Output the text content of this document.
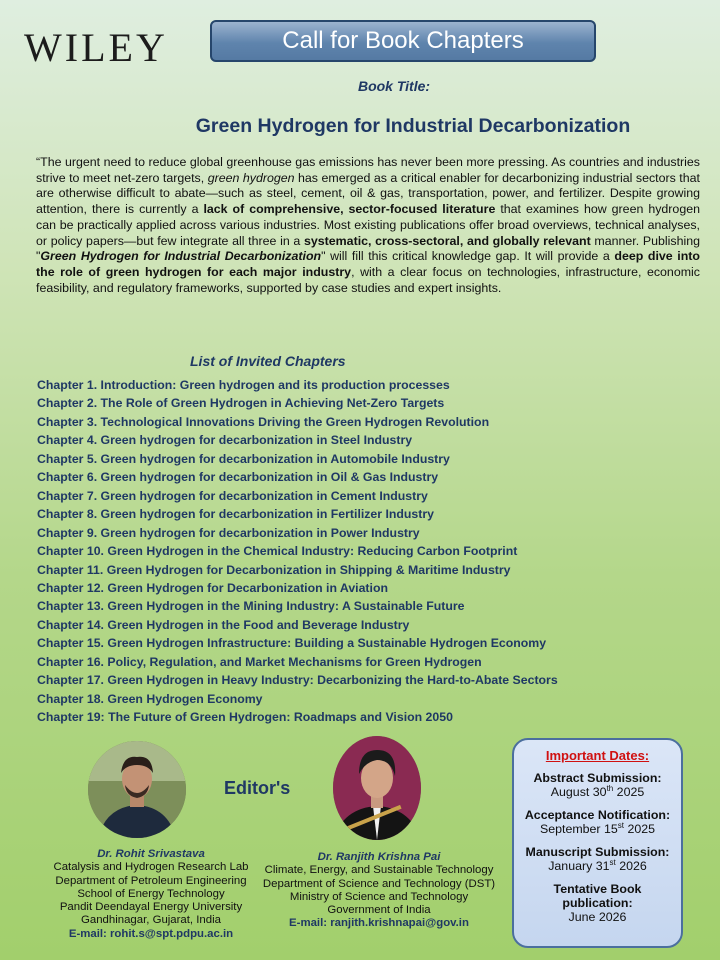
WILEY	Call for Book Chapters
Book Title:
Green Hydrogen for Industrial Decarbonization
“The urgent need to reduce global greenhouse gas emissions has never been more pressing. As countries and industries strive to meet net-zero targets, green hydrogen has emerged as a critical enabler for decarbonizing industrial sectors that are otherwise difficult to abate—such as steel, cement, oil & gas, transportation, power, and fertilizer. Despite growing attention, there is currently a lack of comprehensive, sector-focused literature that examines how green hydrogen can be practically applied across various industries. Most existing publications offer broad overviews, technical analyses, or policy papers—but few integrate all three in a systematic, cross-sectoral, and globally relevant manner. Publishing "Green Hydrogen for Industrial Decarbonization" will fill this critical knowledge gap. It will provide a deep dive into the role of green hydrogen for each major industry, with a clear focus on technologies, infrastructure, economic feasibility, and regulatory frameworks, supported by case studies and expert insights.
List of Invited Chapters
Chapter 1. Introduction: Green hydrogen and its production processes
Chapter 2. The Role of Green Hydrogen in Achieving Net-Zero Targets
Chapter 3. Technological Innovations Driving the Green Hydrogen Revolution
Chapter 4. Green hydrogen for decarbonization in Steel Industry
Chapter 5. Green hydrogen for decarbonization in Automobile Industry
Chapter 6. Green hydrogen for decarbonization in Oil & Gas Industry
Chapter 7. Green hydrogen for decarbonization in Cement Industry
Chapter 8. Green hydrogen for decarbonization in Fertilizer Industry
Chapter 9. Green hydrogen for decarbonization in Power Industry
Chapter 10. Green Hydrogen in the Chemical Industry: Reducing Carbon Footprint
Chapter 11. Green Hydrogen for Decarbonization in Shipping & Maritime Industry
Chapter 12. Green Hydrogen for Decarbonization in Aviation
Chapter 13. Green Hydrogen in the Mining Industry: A Sustainable Future
Chapter 14. Green Hydrogen in the Food and Beverage Industry
Chapter 15. Green Hydrogen Infrastructure: Building a Sustainable Hydrogen Economy
Chapter 16. Policy, Regulation, and Market Mechanisms for Green Hydrogen
Chapter 17. Green Hydrogen in Heavy Industry: Decarbonizing the Hard-to-Abate Sectors
Chapter 18. Green Hydrogen Economy
Chapter 19: The Future of Green Hydrogen: Roadmaps and Vision 2050
Editor's
Dr. Rohit Srivastava
Catalysis and Hydrogen Research Lab
Department of Petroleum Engineering
School of Energy Technology
Pandit Deendayal Energy University
Gandhinagar, Gujarat, India
E-mail: rohit.s@spt.pdpu.ac.in
Dr. Ranjith Krishna Pai
Climate, Energy, and Sustainable Technology
Department of Science and Technology (DST)
Ministry of Science and Technology
Government of India
E-mail: ranjith.krishnapai@gov.in
Important Dates:
Abstract Submission:
August 30th 2025
Acceptance Notification:
September 15st 2025
Manuscript Submission:
January 31st 2026
Tentative Book
publication:
June 2026
